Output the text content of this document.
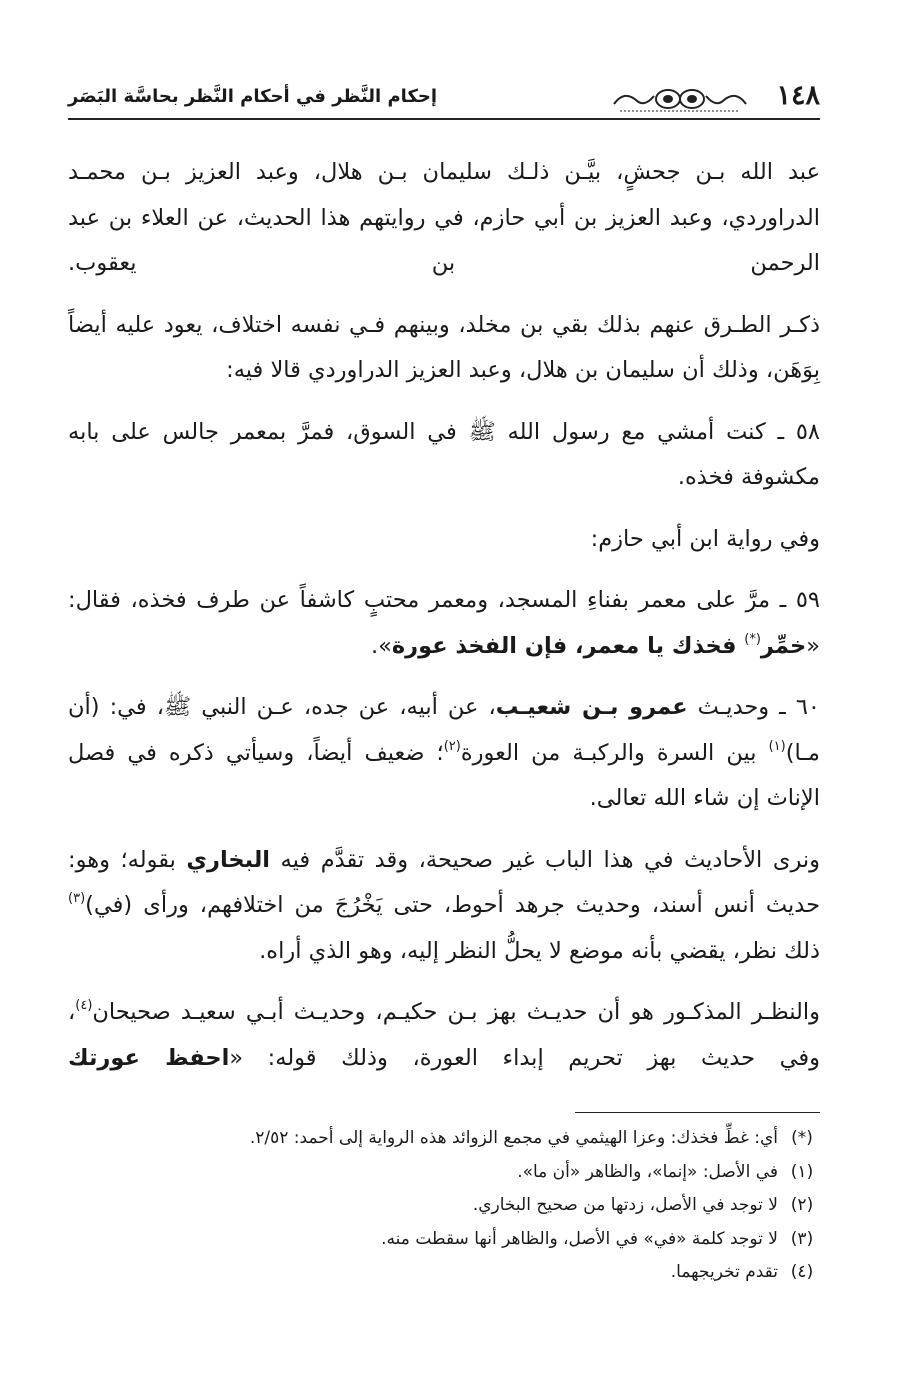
١٤٨
إحكام النَّظر في أحكام النَّظر بحاسَّة البَصَر

عبد الله بـن جحشٍ، بيَّـن ذلـك سليمان بـن هلال، وعبد العزيز بـن محمـد الدراوردي، وعبد العزيز بن أبي حازم، في روايتهم هذا الحديث، عن العلاء بن عبد الرحمن بن يعقوب.

ذكـر الطـرق عنهم بذلك بقي بن مخلد، وبينهم فـي نفسه اختلاف، يعود عليه أيضاً بِوَهَن، وذلك أن سليمان بن هلال، وعبد العزيز الدراوردي قالا فيه:

٥٨ ـ كنت أمشي مع رسول الله ﷺ في السوق، فمرَّ بمعمر جالس على بابه مكشوفة فخذه.

وفي رواية ابن أبي حازم:

٥٩ ـ مرَّ على معمر بفناءِ المسجد، ومعمر محتبٍ كاشفاً عن طرف فخذه، فقال: «خمِّر(*) فخذك يا معمر، فإن الفخذ عورة».

٦٠ ـ وحديـث عمرو بـن شعيـب، عن أبيه، عن جده، عـن النبي ﷺ، في: (أن مـا)$^{(١)}$ بين السرة والركبـة من العورة$^{(٢)}$؛ ضعيف أيضاً، وسيأتي ذكره في فصل الإناث إن شاء الله تعالى.

ونرى الأحاديث في هذا الباب غير صحيحة، وقد تقدَّم فيه البخاري بقوله؛ وهو: حديث أنس أسند، وحديث جرهد أحوط، حتى يَخْرُجَ من اختلافهم، ورأى (في)$^{(٣)}$ ذلك نظر، يقضي بأنه موضع لا يحلُّ النظر إليه، وهو الذي أراه.

والنظـر المذكـور هو أن حديـث بهز بـن حكيـم، وحديـث أبـي سعيـد صحيحان$^{(٤)}$، وفي حديث بهز تحريم إبداء العورة، وذلك قوله: «احفظ عورتك

(*)أي: غطِّ فخذك: وعزا الهيثمي في مجمع الزوائد هذه الرواية إلى أحمد: ٢/٥٢.

(١)في الأصل: «إنما»، والظاهر «أن ما».

(٢)لا توجد في الأصل، زدتها من صحيح البخاري.

(٣)لا توجد كلمة «في» في الأصل، والظاهر أنها سقطت منه.

(٤)تقدم تخريجهما.
